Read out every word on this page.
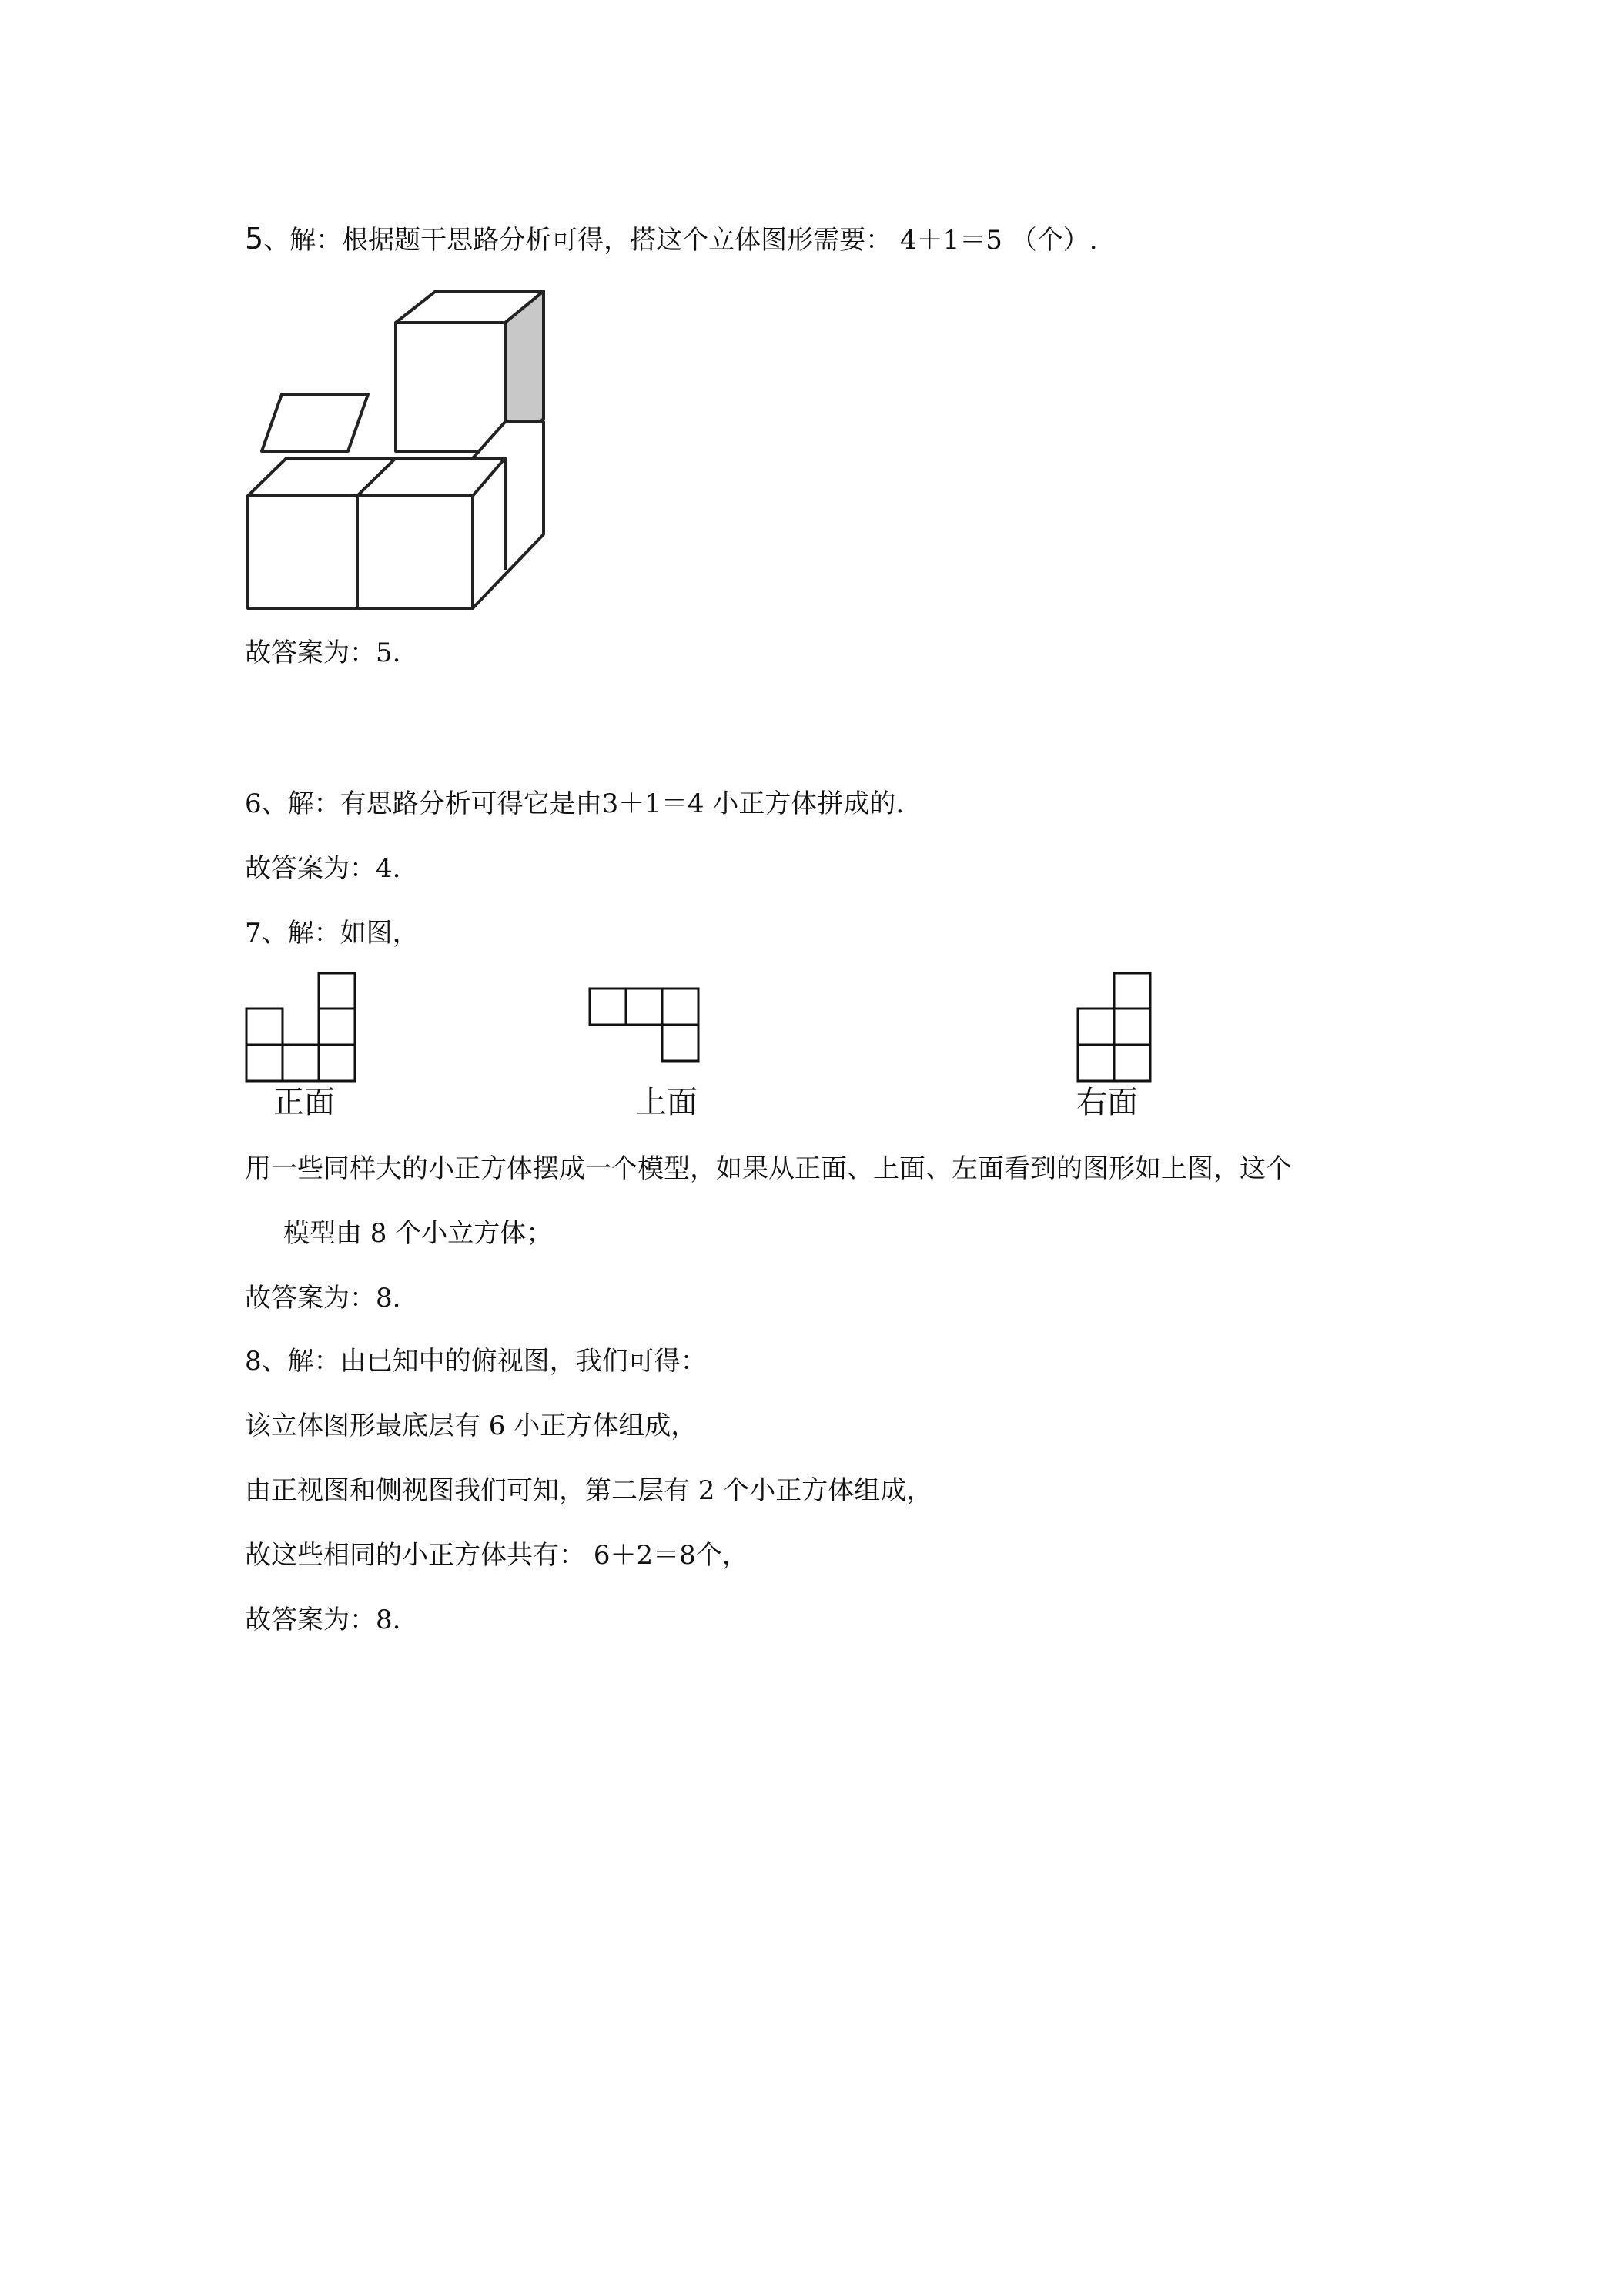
5、解：根据题干思路分析可得，搭这个立体图形需要： 4＋1＝5 （个）.
故答案为：5.
6、解：有思路分析可得它是由3＋1＝4 小正方体拼成的.
故答案为：4.
7、解：如图，
正面	上面	右面
用一些同样大的小正方体摆成一个模型，如果从正面、上面、左面看到的图形如上图，这个
模型由 8 个小立方体；
故答案为：8.
8、解：由已知中的俯视图，我们可得：
该立体图形最底层有 6 小正方体组成，
由正视图和侧视图我们可知，第二层有 2 个小正方体组成，
故这些相同的小正方体共有： 6＋2＝8个，
故答案为：8.
